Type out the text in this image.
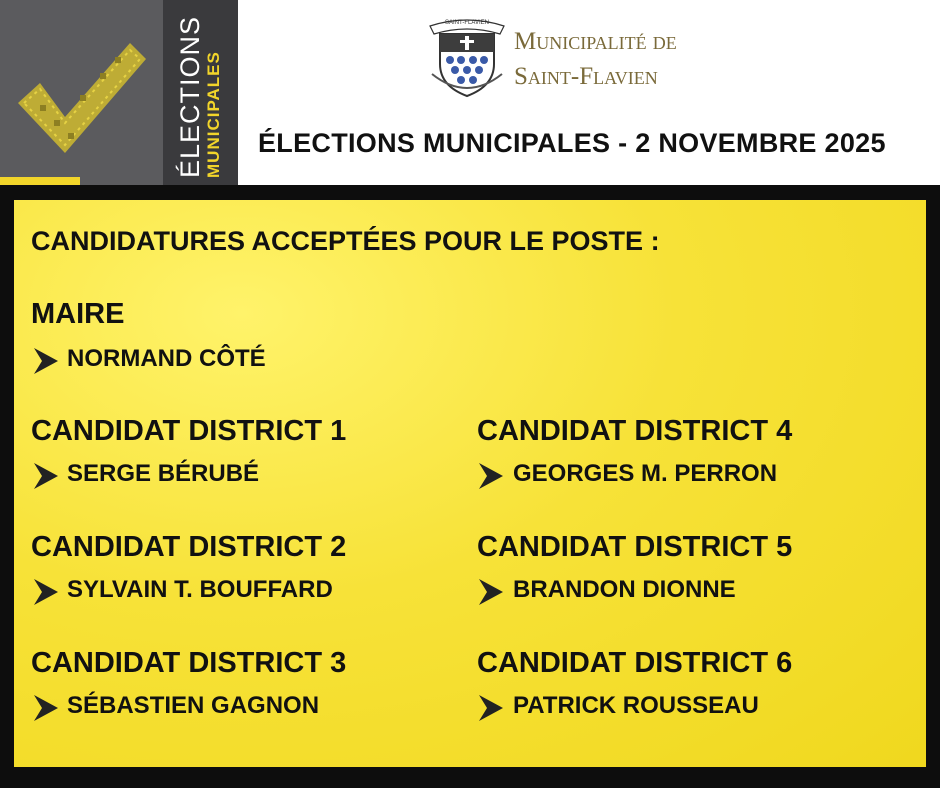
ÉLECTIONS MUNICIPALES
SAINT-FLAVIEN
Municipalité de
Saint-Flavien
ÉLECTIONS MUNICIPALES - 2 NOVEMBRE 2025
CANDIDATURES ACCEPTÉES POUR LE POSTE :
MAIRE
NORMAND CÔTÉ
CANDIDAT DISTRICT 1
SERGE BÉRUBÉ
CANDIDAT DISTRICT 2
SYLVAIN T. BOUFFARD
CANDIDAT DISTRICT 3
SÉBASTIEN GAGNON
CANDIDAT DISTRICT 4
GEORGES M. PERRON
CANDIDAT DISTRICT 5
BRANDON DIONNE
CANDIDAT DISTRICT 6
PATRICK ROUSSEAU
